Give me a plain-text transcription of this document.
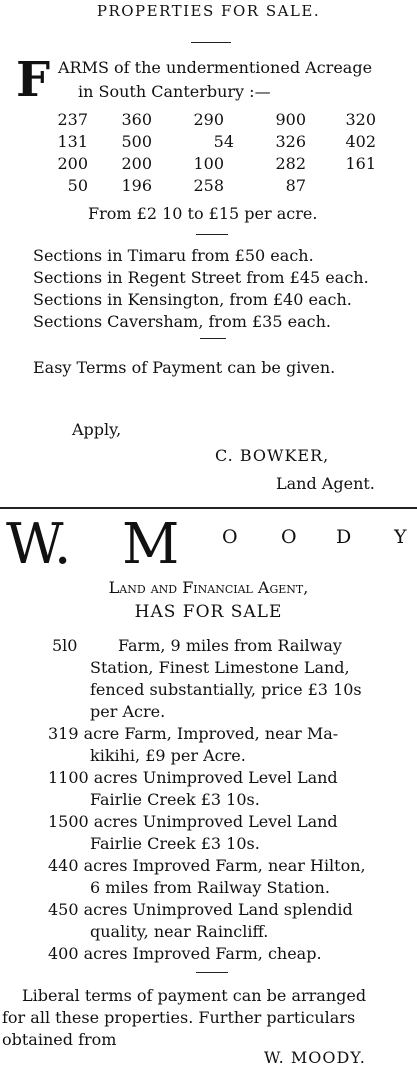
PROPERTIES FOR SALE.
F ARMS of the undermentioned Acreage
in South Canterbury :—
237	360	290	900	320
131	500	54	326	402
200	200	100	282	161
50	196	258	87
From £2 10 to £15 per acre.
Sections in Timaru from £50 each.
Sections in Regent Street from £45 each.
Sections in Kensington, from £40 each.
Sections Caversham, from £35 each.
Easy Terms of Payment can be given.
Apply,
C. BOWKER,
Land Agent.
W. M O O D Y
Land and Financial Agent,
HAS FOR SALE
5l0	Farm, 9 miles from Railway
Station, Finest Limestone Land,
fenced substantially, price £3 10s
per Acre.
319 acre Farm, Improved, near Ma-
kikihi, £9 per Acre.
1100 acres Unimproved Level Land
Fairlie Creek £3 10s.
1500 acres Unimproved Level Land
Fairlie Creek £3 10s.
440 acres Improved Farm, near Hilton,
6 miles from Railway Station.
450 acres Unimproved Land splendid
quality, near Raincliff.
400 acres Improved Farm, cheap.
Liberal terms of payment can be arranged
for all these properties. Further particulars
obtained from
W. MOODY.
